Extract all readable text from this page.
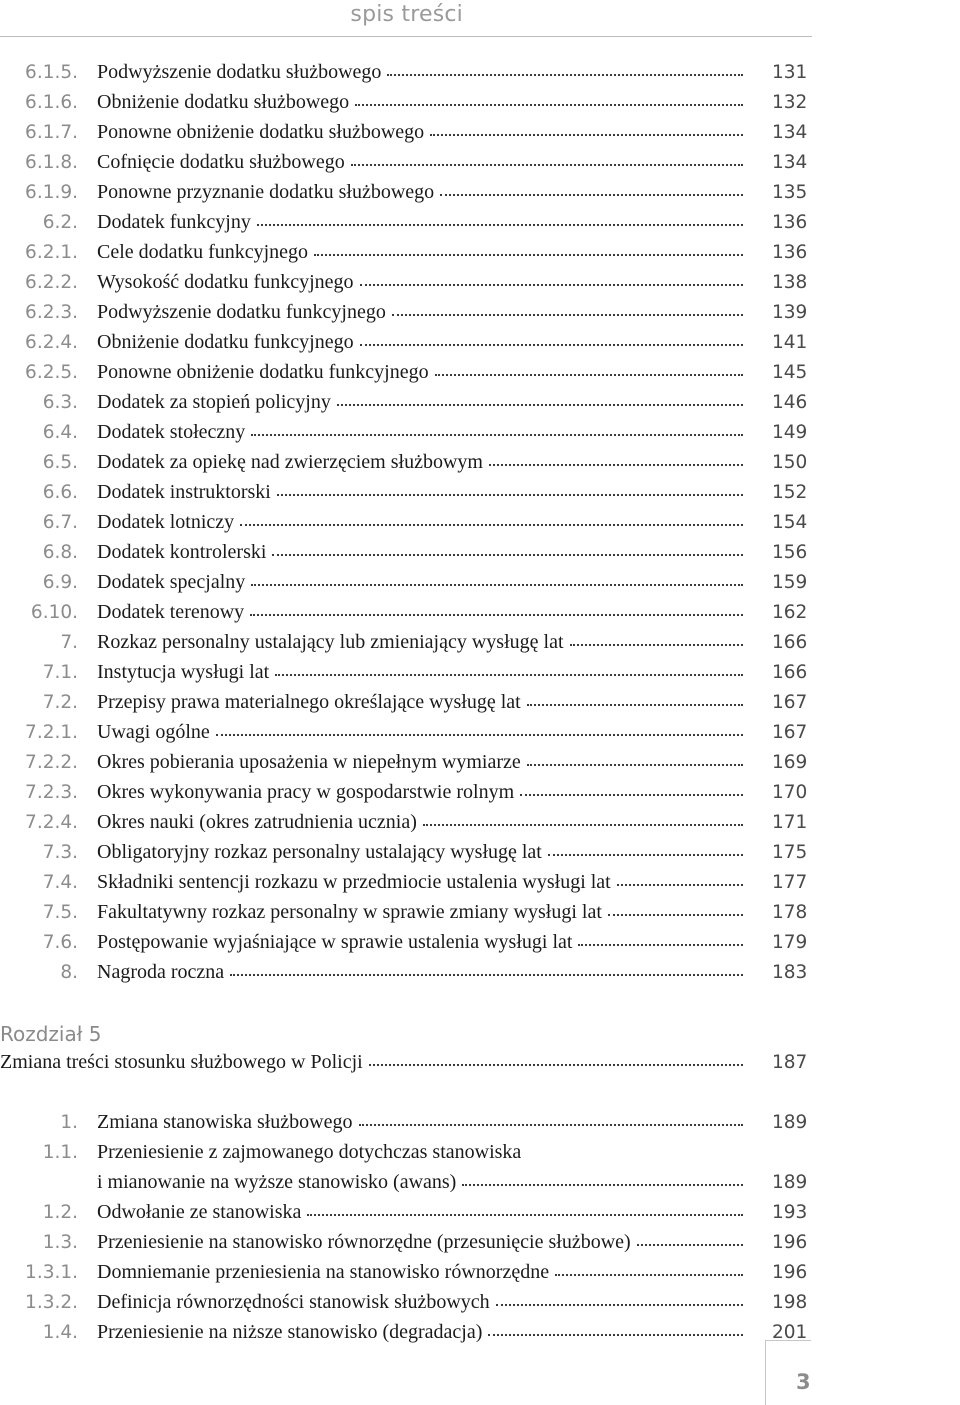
spis treści
6.1.5. Podwyższenie dodatku służbowego	131
6.1.6. Obniżenie dodatku służbowego	132
6.1.7. Ponowne obniżenie dodatku służbowego	134
6.1.8. Cofnięcie dodatku służbowego	134
6.1.9. Ponowne przyznanie dodatku służbowego	135
6.2. Dodatek funkcyjny	136
6.2.1. Cele dodatku funkcyjnego	136
6.2.2. Wysokość dodatku funkcyjnego	138
6.2.3. Podwyższenie dodatku funkcyjnego	139
6.2.4. Obniżenie dodatku funkcyjnego	141
6.2.5. Ponowne obniżenie dodatku funkcyjnego	145
6.3. Dodatek za stopień policyjny	146
6.4. Dodatek stołeczny	149
6.5. Dodatek za opiekę nad zwierzęciem służbowym	150
6.6. Dodatek instruktorski	152
6.7. Dodatek lotniczy	154
6.8. Dodatek kontrolerski	156
6.9. Dodatek specjalny	159
6.10. Dodatek terenowy	162
7. Rozkaz personalny ustalający lub zmieniający wysługę lat	166
7.1. Instytucja wysługi lat	166
7.2. Przepisy prawa materialnego określające wysługę lat	167
7.2.1. Uwagi ogólne	167
7.2.2. Okres pobierania uposażenia w niepełnym wymiarze	169
7.2.3. Okres wykonywania pracy w gospodarstwie rolnym	170
7.2.4. Okres nauki (okres zatrudnienia ucznia)	171
7.3. Obligatoryjny rozkaz personalny ustalający wysługę lat	175
7.4. Składniki sentencji rozkazu w przedmiocie ustalenia wysługi lat	177
7.5. Fakultatywny rozkaz personalny w sprawie zmiany wysługi lat	178
7.6. Postępowanie wyjaśniające w sprawie ustalenia wysługi lat	179
8. Nagroda roczna	183
Rozdział 5
Zmiana treści stosunku służbowego w Policji	187
1. Zmiana stanowiska służbowego	189
1.1. Przeniesienie z zajmowanego dotychczas stanowiska
i mianowanie na wyższe stanowisko (awans)	189
1.2. Odwołanie ze stanowiska	193
1.3. Przeniesienie na stanowisko równorzędne (przesunięcie służbowe)	196
1.3.1. Domniemanie przeniesienia na stanowisko równorzędne	196
1.3.2. Definicja równorzędności stanowisk służbowych	198
1.4. Przeniesienie na niższe stanowisko (degradacja)	201
3
